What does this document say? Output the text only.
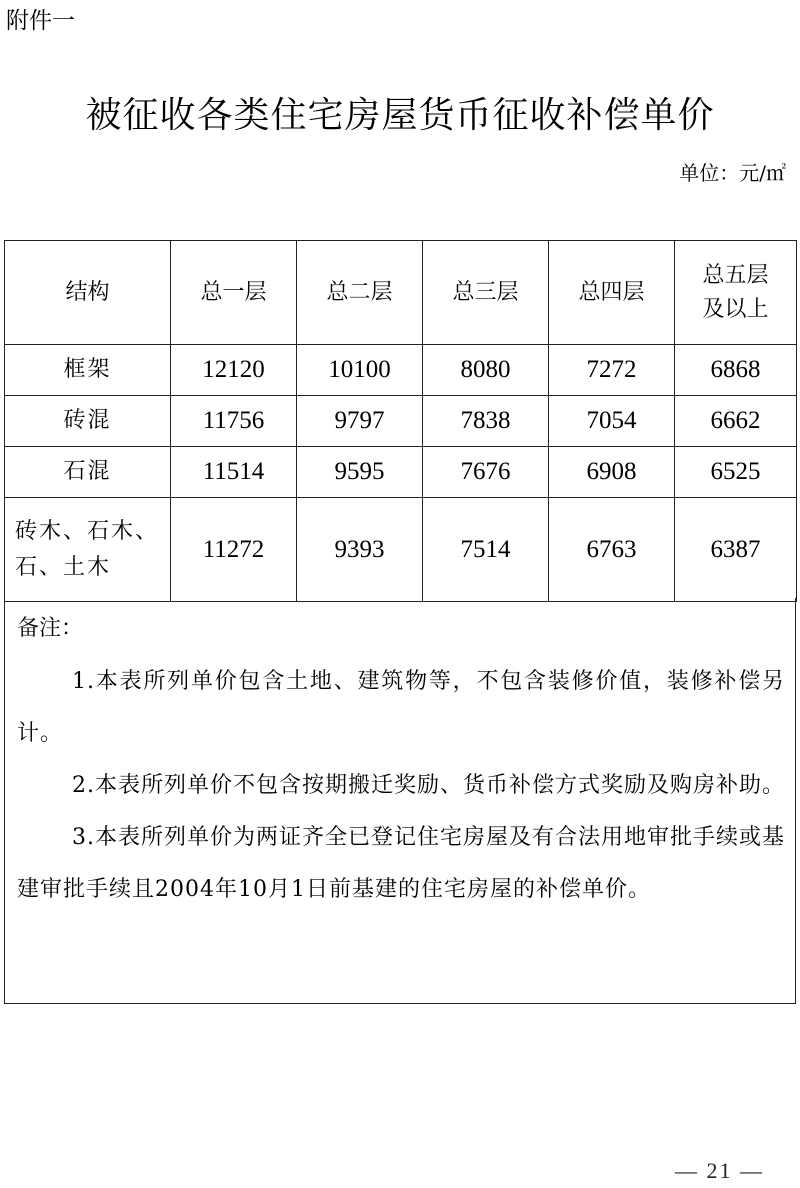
附件一
被征收各类住宅房屋货币征收补偿单价
单位：元/㎡
结构	总一层	总二层	总三层	总四层	总五层
及以上

框架	12120	10100	8080	7272	6868
砖混	11756	9797	7838	7054	6662
石混	11514	9595	7676	6908	6525

砖木、石木、
石、土木	11272	9393	7514	6763	6387
备注：
1.本表所列单价包含土地、建筑物等，不包含装修价值，装修补偿另计。
2.本表所列单价不包含按期搬迁奖励、货币补偿方式奖励及购房补助。
3.本表所列单价为两证齐全已登记住宅房屋及有合法用地审批手续或基建审批手续且2004年10月1日前基建的住宅房屋的补偿单价。
— 21 —
